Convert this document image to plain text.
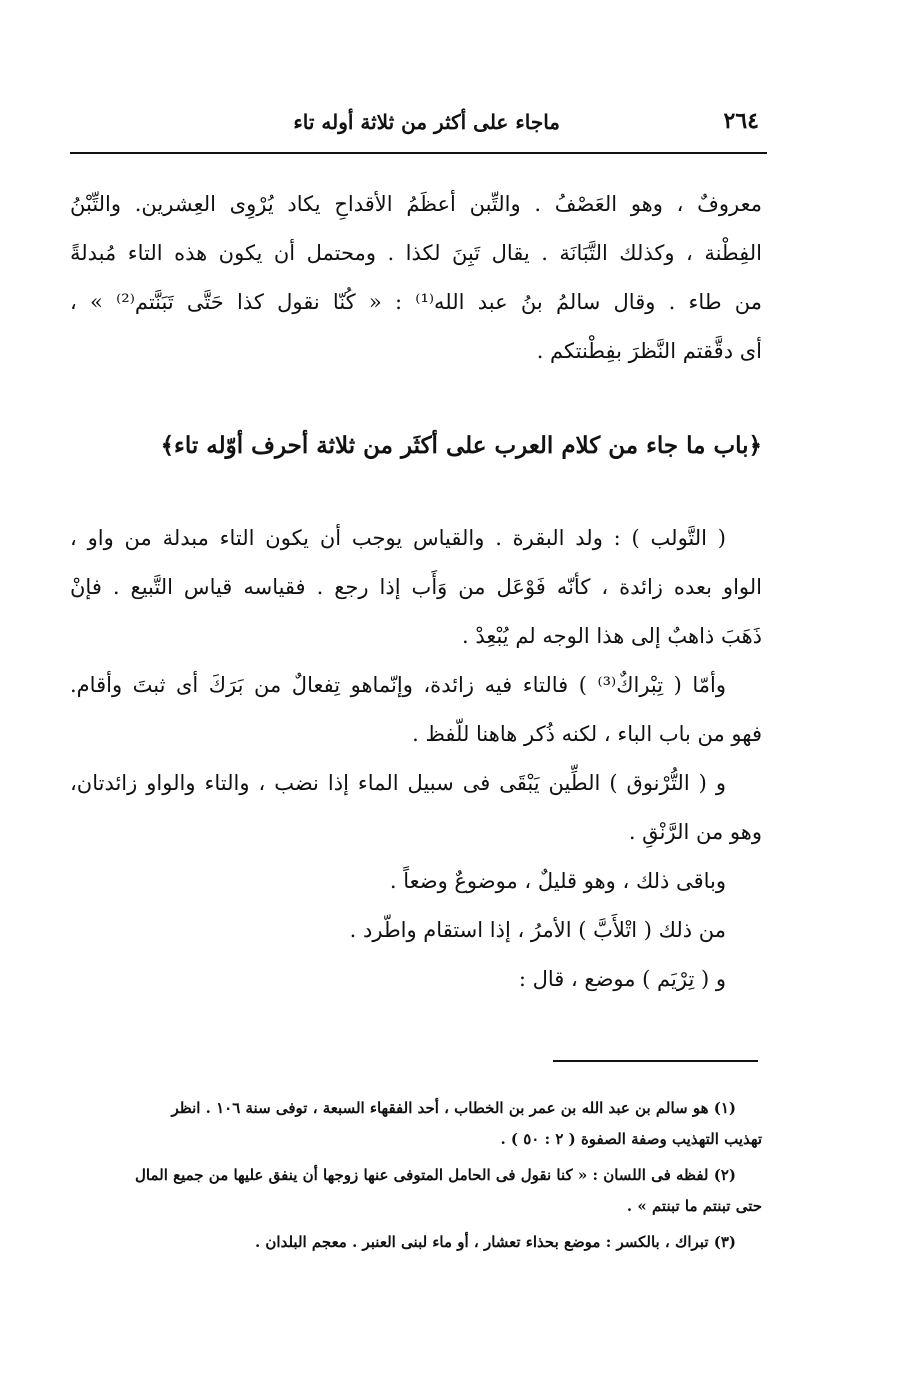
٢٦٤
ماجاء على أكثر من ثلاثة أوله تاء
معروفٌ ، وهو العَصْفُ . والتِّبن أعظَمُ الأقداحِ يكاد يُرْوِى العِشرين. والتِّبْنُ
الفِطْنة ، وكذلك التَّبَانَة . يقال تَبِنَ لكذا . ومحتمل أن يكون هذه التاء مُبدلةً
من طاء . وقال سالمُ بنُ عبد الله⁽¹⁾ : « كُنّا نقول كذا حَتَّى تَبَنَّتم⁽²⁾ » ،
أى دقَّقتم النَّظرَ بفِطْنتكم .
﴿باب ما جاء من كلام العرب على أكثَر من ثلاثة أحرف أوّله تاء﴾
( التَّولب ) : ولد البقرة . والقياس يوجب أن يكون التاء مبدلة من واو ،
الواو بعده زائدة ، كأنّه فَوْعَل من وَأَب إذا رجع . فقياسه قياس التَّبيع . فإنْ
ذَهَبَ ذاهبٌ إلى هذا الوجه لم يُبْعِدْ .
وأمّا ( تِبْراكٌ⁽³⁾ ) فالتاء فيه زائدة، وإنّماهو تِفعالٌ من بَرَكَ أى ثبتَ وأقام.
فهو من باب الباء ، لكنه ذُكر هاهنا للّفظ .
و ( التُّرْنوق ) الطِّين يَبْقَى فى سبيل الماء إذا نضب ، والتاء والواو زائدتان،
وهو من الرَّنْقِ .
وباقى ذلك ، وهو قليلٌ ، موضوعٌ وضعاً .
من ذلك ( اتْلأَبَّ ) الأمرُ ، إذا استقام واطّرد .
و ( تِرْيَم ) موضع ، قال :
(١) هو سالم بن عبد الله بن عمر بن الخطاب ، أحد الفقهاء السبعة ، توفى سنة ١٠٦ . انظر
تهذيب التهذيب وصفة الصفوة ( ٢ : ٥٠ ) .
(٢) لفظه فى اللسان : « كنا نقول فى الحامل المتوفى عنها زوجها أن ينفق عليها من جميع المال
حتى تبنتم ما تبنتم » .
(٣) تبراك ، بالكسر : موضع بحذاء تعشار ، أو ماء لبنى العنبر . معجم البلدان .
